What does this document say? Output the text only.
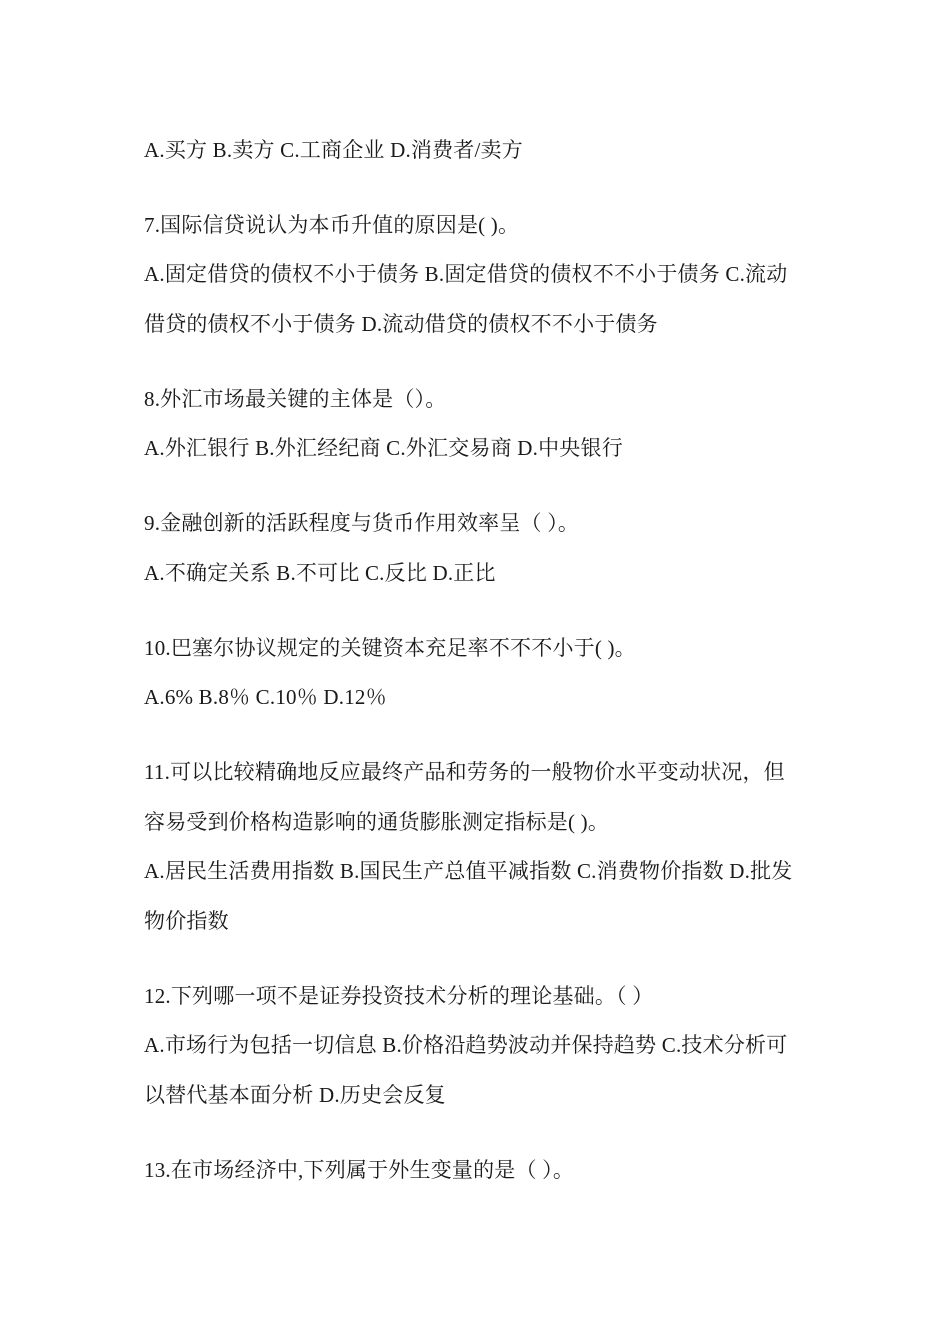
A.买方 B.卖方 C.工商企业 D.消费者/卖方
7.国际信贷说认为本币升值的原因是( )。
A.固定借贷的债权不小于债务 B.固定借贷的债权不不小于债务 C.流动
借贷的债权不小于债务 D.流动借贷的债权不不小于债务
8.外汇市场最关键的主体是（）。
A.外汇银行 B.外汇经纪商 C.外汇交易商 D.中央银行
9.金融创新的活跃程度与货币作用效率呈（ ）。
A.不确定关系 B.不可比 C.反比 D.正比
10.巴塞尔协议规定的关键资本充足率不不不小于( )。
A.6% B.8％ C.10％ D.12％
11.可以比较精确地反应最终产品和劳务的一般物价水平变动状况，但
容易受到价格构造影响的通货膨胀测定指标是( )。
A.居民生活费用指数 B.国民生产总值平减指数 C.消费物价指数 D.批发
物价指数
12.下列哪一项不是证券投资技术分析的理论基础。（ ）
A.市场行为包括一切信息 B.价格沿趋势波动并保持趋势 C.技术分析可
以替代基本面分析 D.历史会反复
13.在市场经济中,下列属于外生变量的是（ ）。
